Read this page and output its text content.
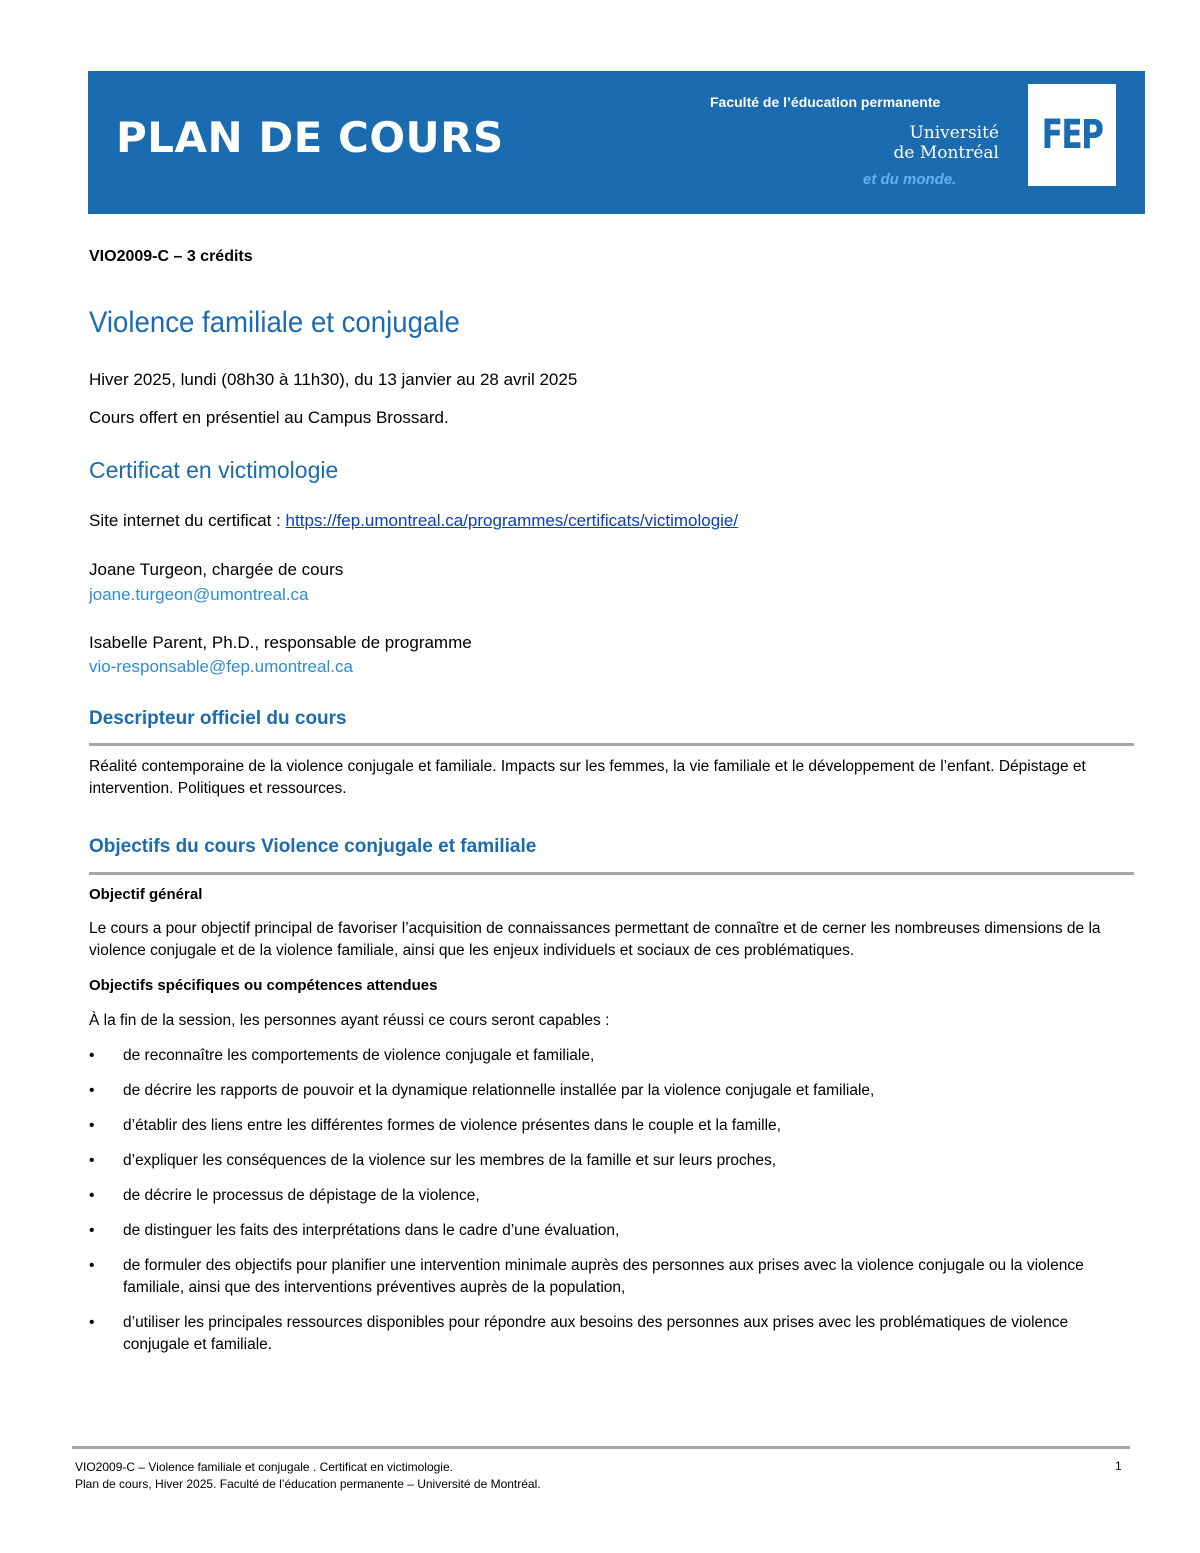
PLAN DE COURS
Faculté de l’éducation permanente
Université
de Montréal
et du monde.
FEP
VIO2009-C – 3 crédits
Violence familiale et conjugale
Hiver 2025, lundi (08h30 à 11h30), du 13 janvier au 28 avril 2025
Cours offert en présentiel au Campus Brossard.
Certificat en victimologie
Site internet du certificat : https://fep.umontreal.ca/programmes/certificats/victimologie/
Joane Turgeon, chargée de cours
joane.turgeon@umontreal.ca
Isabelle Parent, Ph.D., responsable de programme
vio-responsable@fep.umontreal.ca
Descripteur officiel du cours
Réalité contemporaine de la violence conjugale et familiale. Impacts sur les femmes, la vie familiale et le développement de l’enfant. Dépistage et intervention. Politiques et ressources.
Objectifs du cours Violence conjugale et familiale
Objectif général
Le cours a pour objectif principal de favoriser l’acquisition de connaissances permettant de connaître et de cerner les nombreuses dimensions de la violence conjugale et de la violence familiale, ainsi que les enjeux individuels et sociaux de ces problématiques.
Objectifs spécifiques ou compétences attendues
À la fin de la session, les personnes ayant réussi ce cours seront capables :
• de reconnaître les comportements de violence conjugale et familiale,
• de décrire les rapports de pouvoir et la dynamique relationnelle installée par la violence conjugale et familiale,
• d’établir des liens entre les différentes formes de violence présentes dans le couple et la famille,
• d’expliquer les conséquences de la violence sur les membres de la famille et sur leurs proches,
• de décrire le processus de dépistage de la violence,
• de distinguer les faits des interprétations dans le cadre d’une évaluation,
• de formuler des objectifs pour planifier une intervention minimale auprès des personnes aux prises avec la violence conjugale ou la violence familiale, ainsi que des interventions préventives auprès de la population,
• d’utiliser les principales ressources disponibles pour répondre aux besoins des personnes aux prises avec les problématiques de violence conjugale et familiale.
VIO2009-C – Violence familiale et conjugale . Certificat en victimologie.
Plan de cours, Hiver 2025. Faculté de l’éducation permanente – Université de Montréal.
1
